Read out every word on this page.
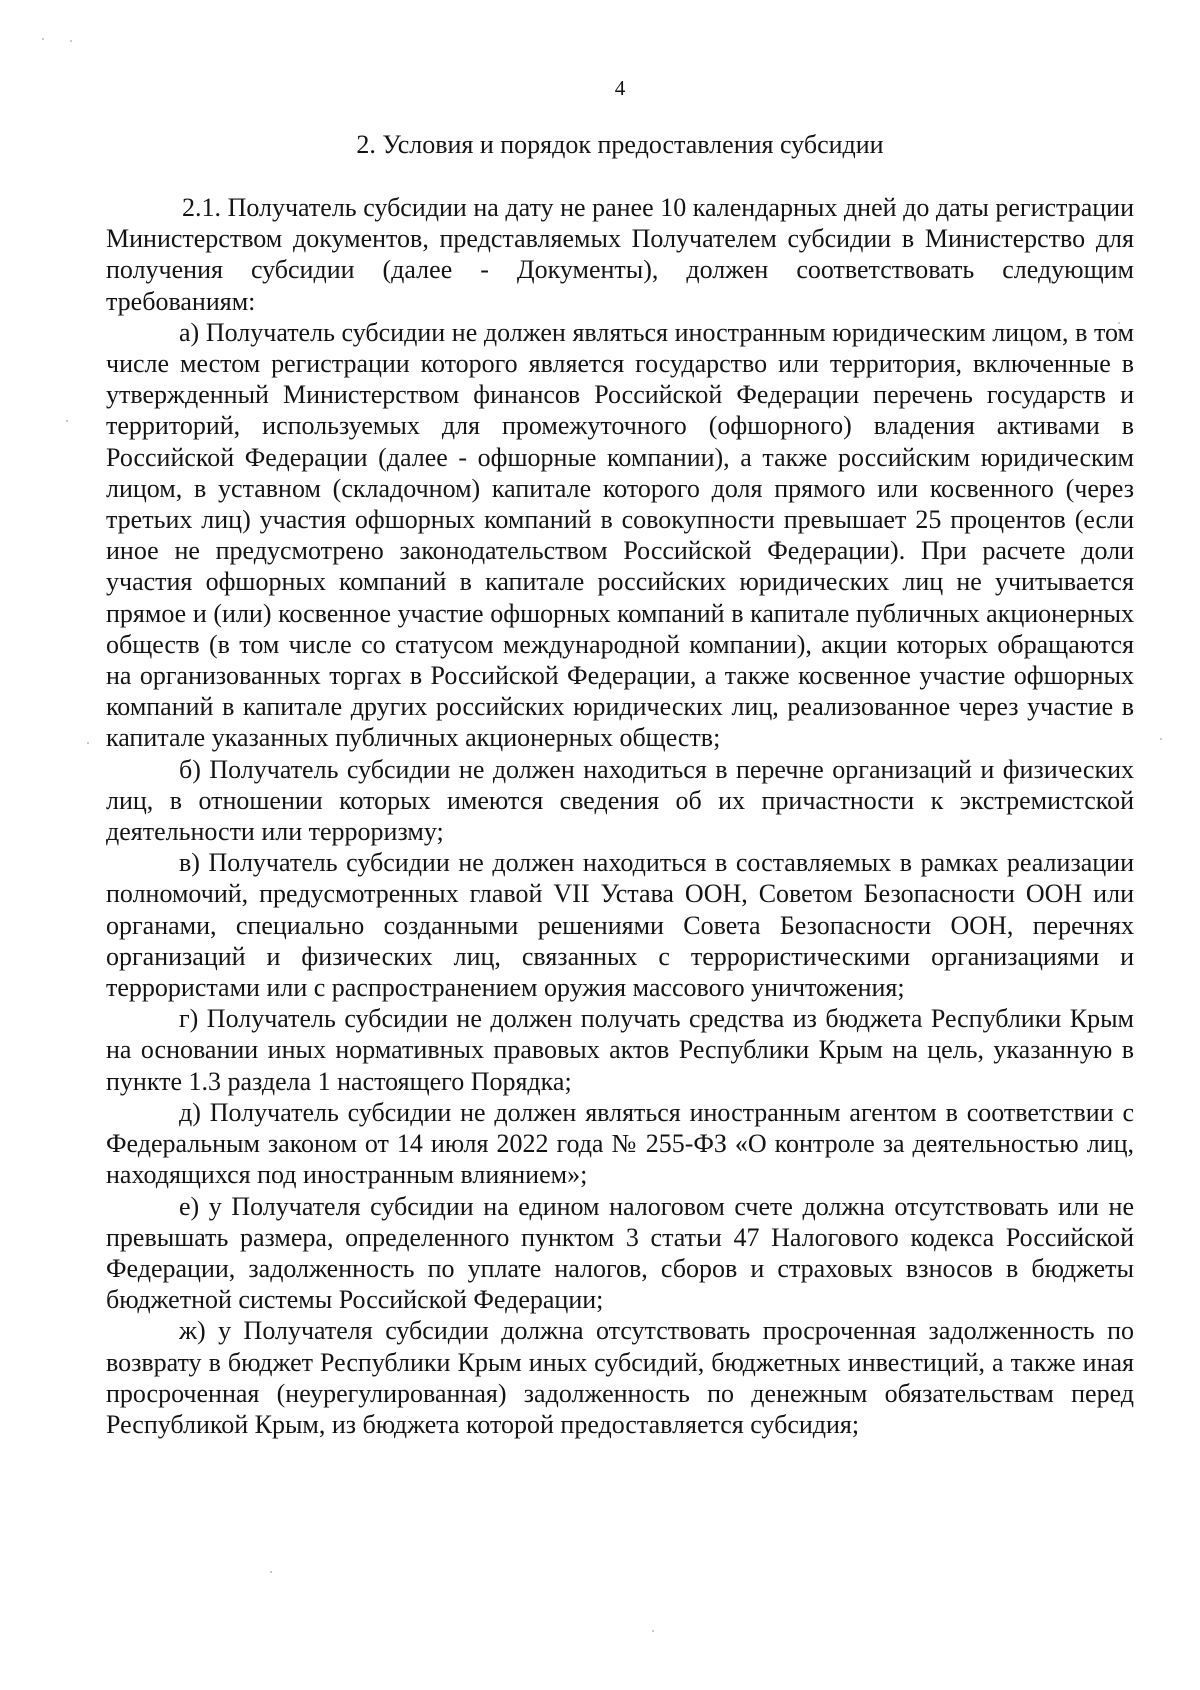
4
2. Условия и порядок предоставления субсидии

2.1. Получатель субсидии на дату не ранее 10 календарных дней до даты регистрации Министерством документов, представляемых Получателем субсидии в Министерство для получения субсидии (далее - Документы), должен соответствовать следующим требованиям:

а) Получатель субсидии не должен являться иностранным юридическим лицом, в том числе местом регистрации которого является государство или территория, включенные в утвержденный Министерством финансов Российской Федерации перечень государств и территорий, используемых для промежуточного (офшорного) владения активами в Российской Федерации (далее - офшорные компании), а также российским юридическим лицом, в уставном (складочном) капитале которого доля прямого или косвенного (через третьих лиц) участия офшорных компаний в совокупности превышает 25 процентов (если иное не предусмотрено законодательством Российской Федерации). При расчете доли участия офшорных компаний в капитале российских юридических лиц не учитывается прямое и (или) косвенное участие офшорных компаний в капитале публичных акционерных обществ (в том числе со статусом международной компании), акции которых обращаются на организованных торгах в Российской Федерации, а также косвенное участие офшорных компаний в капитале других российских юридических лиц, реализованное через участие в капитале указанных публичных акционерных обществ;

б) Получатель субсидии не должен находиться в перечне организаций и физических лиц, в отношении которых имеются сведения об их причастности к экстремистской деятельности или терроризму;

в) Получатель субсидии не должен находиться в составляемых в рамках реализации полномочий, предусмотренных главой VII Устава ООН, Советом Безопасности ООН или органами, специально созданными решениями Совета Безопасности ООН, перечнях организаций и физических лиц, связанных с террористическими организациями и террористами или с распространением оружия массового уничтожения;

г) Получатель субсидии не должен получать средства из бюджета Республики Крым на основании иных нормативных правовых актов Республики Крым на цель, указанную в пункте 1.3 раздела 1 настоящего Порядка;

д) Получатель субсидии не должен являться иностранным агентом в соответствии с Федеральным законом от 14 июля 2022 года № 255-ФЗ «О контроле за деятельностью лиц, находящихся под иностранным влиянием»;

е) у Получателя субсидии на едином налоговом счете должна отсутствовать или не превышать размера, определенного пунктом 3 статьи 47 Налогового кодекса Российской Федерации, задолженность по уплате налогов, сборов и страховых взносов в бюджеты бюджетной системы Российской Федерации;

ж) у Получателя субсидии должна отсутствовать просроченная задолженность по возврату в бюджет Республики Крым иных субсидий, бюджетных инвестиций, а также иная просроченная (неурегулированная) задолженность по денежным обязательствам перед Республикой Крым, из бюджета которой предоставляется субсидия;
